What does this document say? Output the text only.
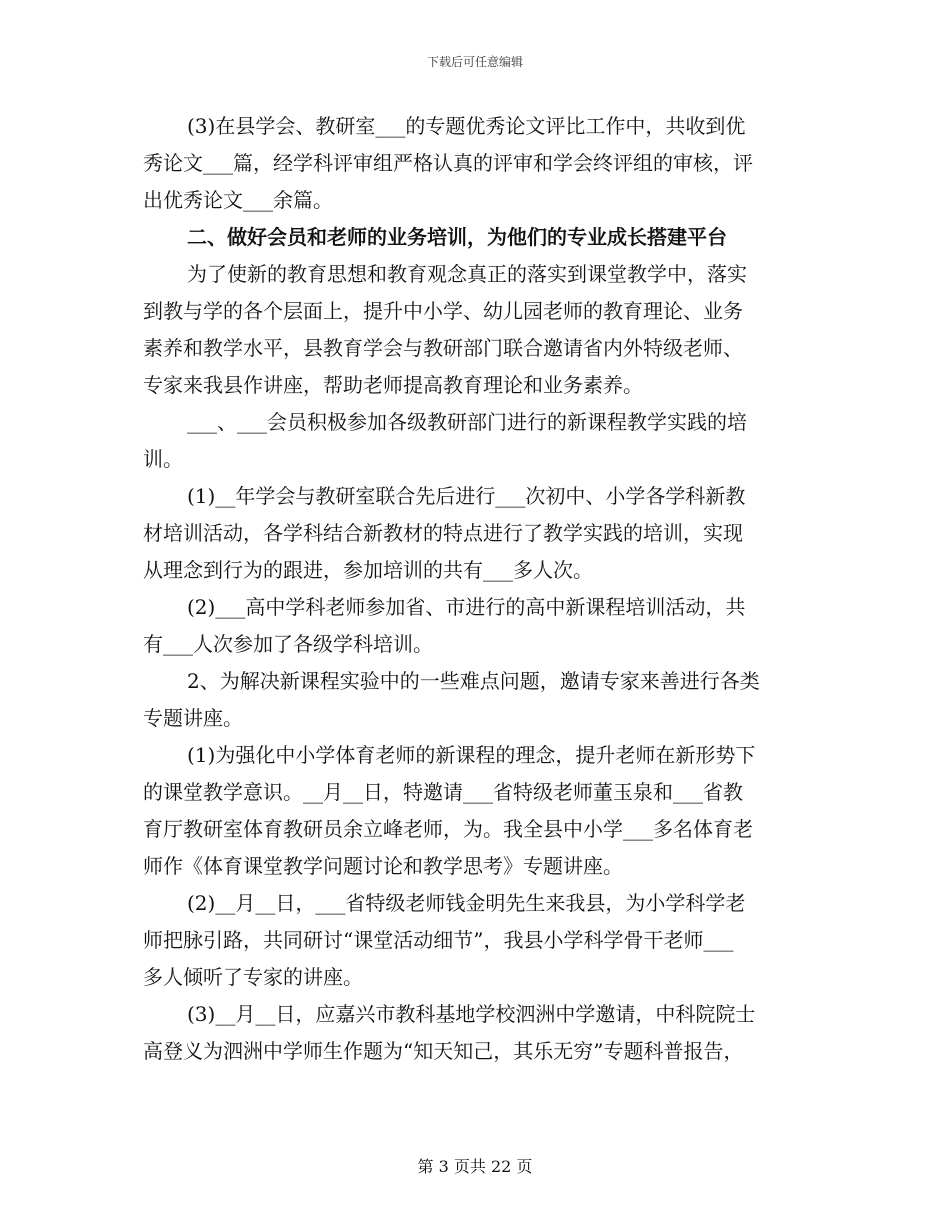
下载后可任意编辑
(3)在县学会、教研室___的专题优秀论文评比工作中，共收到优
秀论文___篇，经学科评审组严格认真的评审和学会终评组的审核，评
出优秀论文___余篇。
二、做好会员和老师的业务培训，为他们的专业成长搭建平台
为了使新的教育思想和教育观念真正的落实到课堂教学中，落实
到教与学的各个层面上，提升中小学、幼儿园老师的教育理论、业务
素养和教学水平，县教育学会与教研部门联合邀请省内外特级老师、
专家来我县作讲座，帮助老师提高教育理论和业务素养。
___、___会员积极参加各级教研部门进行的新课程教学实践的培
训。
(1)__年学会与教研室联合先后进行___次初中、小学各学科新教
材培训活动，各学科结合新教材的特点进行了教学实践的培训，实现
从理念到行为的跟进，参加培训的共有___多人次。
(2)___高中学科老师参加省、市进行的高中新课程培训活动，共
有___人次参加了各级学科培训。
2、为解决新课程实验中的一些难点问题，邀请专家来善进行各类
专题讲座。
(1)为强化中小学体育老师的新课程的理念，提升老师在新形势下
的课堂教学意识。__月__日，特邀请___省特级老师董玉泉和___省教
育厅教研室体育教研员余立峰老师，为。我全县中小学___多名体育老
师作《体育课堂教学问题讨论和教学思考》专题讲座。
(2)__月__日，___省特级老师钱金明先生来我县，为小学科学老
师把脉引路，共同研讨“课堂活动细节”，我县小学科学骨干老师___
多人倾听了专家的讲座。
(3)__月__日，应嘉兴市教科基地学校泗洲中学邀请，中科院院士
高登义为泗洲中学师生作题为“知天知己，其乐无穷”专题科普报告，
第 3 页共 22 页
